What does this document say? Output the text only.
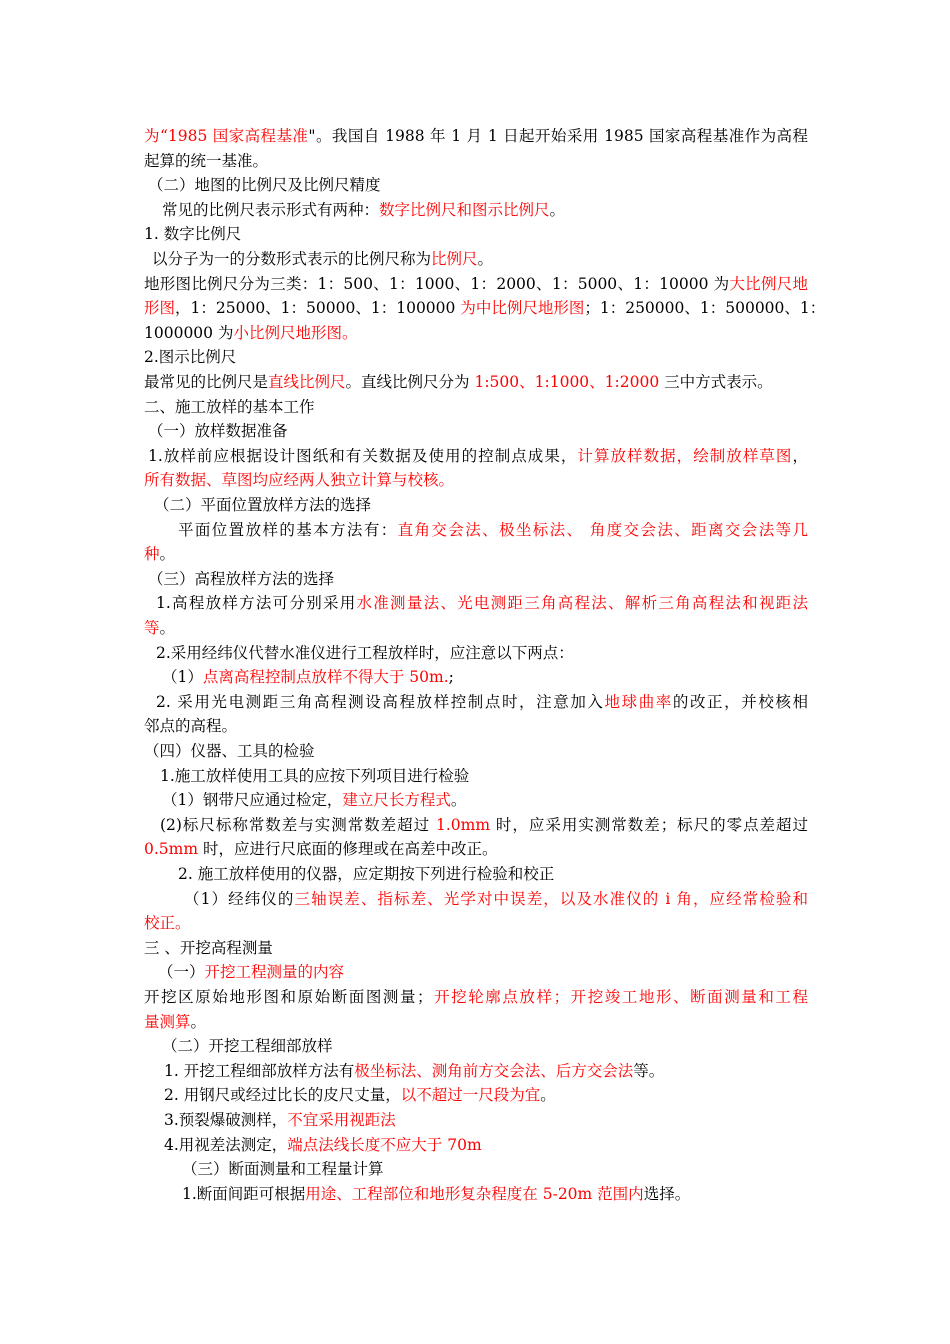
为“1985 国家高程基准"。我国自 1988 年 1 月 1 日起开始采用 1985 国家高程基准作为高程
起算的统一基准。
（二）地图的比例尺及比例尺精度
常见的比例尺表示形式有两种：数字比例尺和图示比例尺。
1. 数字比例尺
以分子为一的分数形式表示的比例尺称为比例尺。
地形图比例尺分为三类：1：500、1：1000、1：2000、1：5000、1：10000 为大比例尺地
形图，1：25000、1：50000、1：100000 为中比例尺地形图；1：250000、1：500000、1：
1000000 为小比例尺地形图。
2.图示比例尺
最常见的比例尺是直线比例尺。直线比例尺分为 1:500、1:1000、1:2000 三中方式表示。
二、施工放样的基本工作
（一）放样数据准备
1.放样前应根据设计图纸和有关数据及使用的控制点成果，计算放样数据，绘制放样草图，
所有数据、草图均应经两人独立计算与校核。
（二）平面位置放样方法的选择
平面位置放样的基本方法有：直角交会法、极坐标法、 角度交会法、距离交会法等几
种。
（三）高程放样方法的选择
1.高程放样方法可分别采用水准测量法、光电测距三角高程法、解析三角高程法和视距法
等。
2.采用经纬仪代替水准仪进行工程放样时，应注意以下两点：
（1）点离高程控制点放样不得大于 50m.;
2. 采用光电测距三角高程测设高程放样控制点时，注意加入地球曲率的改正，并校核相
邻点的高程。
（四）仪器、工具的检验
1.施工放样使用工具的应按下列项目进行检验
（1）钢带尺应通过检定，建立尺长方程式。
(2)标尺标称常数差与实测常数差超过 1.0mm 时，应采用实测常数差；标尺的零点差超过
0.5mm 时，应进行尺底面的修理或在高差中改正。
2. 施工放样使用的仪器，应定期按下列进行检验和校正
（1）经纬仪的三轴误差、指标差、光学对中误差，以及水准仪的 i 角，应经常检验和
校正。
三 、开挖高程测量
（一）开挖工程测量的内容
开挖区原始地形图和原始断面图测量；开挖轮廓点放样；开挖竣工地形、断面测量和工程
量测算。
（二）开挖工程细部放样
1. 开挖工程细部放样方法有极坐标法、测角前方交会法、后方交会法等。
2. 用钢尺或经过比长的皮尺丈量，以不超过一尺段为宜。
3.预裂爆破测样，不宜采用视距法
4.用视差法测定，端点法线长度不应大于 70m
（三）断面测量和工程量计算
1.断面间距可根据用途、工程部位和地形复杂程度在 5-20m 范围内选择。
